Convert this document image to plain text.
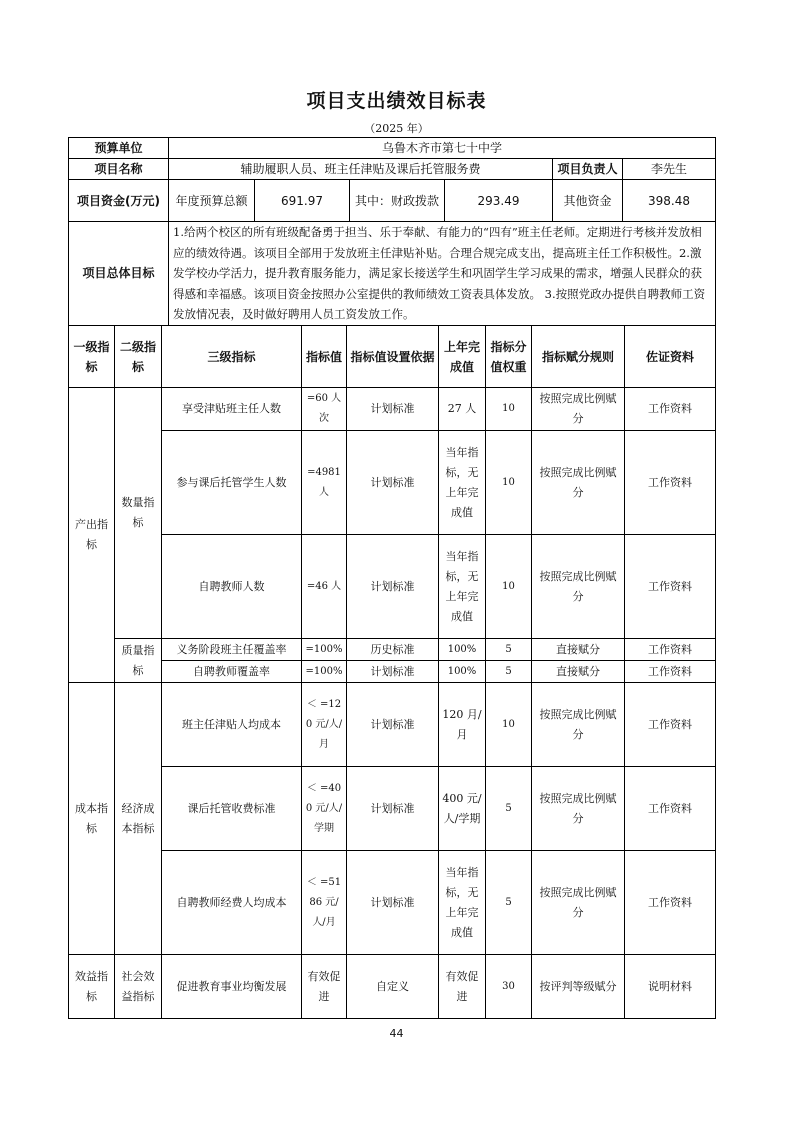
项目支出绩效目标表
（2025 年）
预算单位	乌鲁木齐市第七十中学					
项目名称	辅助履职人员、班主任津贴及课后托管服务费				项目负责人	李先生
项目资金(万元)	年度预算总额	691.97	其中：财政拨款	293.49	其他资金	398.48
项目总体目标	1.给两个校区的所有班级配备勇于担当、乐于奉献、有能力的“四有”班主任老师。定期进行考核并发放相应的绩效待遇。该项目全部用于发放班主任津贴补贴。合理合规完成支出，提高班主任工作积极性。2.激发学校办学活力，提升教育服务能力，满足家长接送学生和巩固学生学习成果的需求，增强人民群众的获得感和幸福感。该项目资金按照办公室提供的教师绩效工资表具体发放。 3.按照党政办提供自聘教师工资发放情况表，及时做好聘用人员工资发放工作。					
一级指标	二级指标	三级指标	指标值	指标值设置依据	上年完成值	指标分值权重	指标赋分规则	佐证资料
产出指标	数量指标	享受津贴班主任人数	=60 人次	计划标准	27 人	10	按照完成比例赋分	工作资料
		参与课后托管学生人数	=4981 人	计划标准	当年指标，无上年完成值	10	按照完成比例赋分	工作资料
		自聘教师人数	=46 人	计划标准	当年指标，无上年完成值	10	按照完成比例赋分	工作资料
	质量指标	义务阶段班主任覆盖率	=100%	历史标准	100%	5	直接赋分	工作资料
		自聘教师覆盖率	=100%	计划标准	100%	5	直接赋分	工作资料
成本指标	经济成本指标	班主任津贴人均成本	＜ =120 元/人/月	计划标准	120 月/月	10	按照完成比例赋分	工作资料
		课后托管收费标准	＜ =400 元/人/学期	计划标准	400 元/人/学期	5	按照完成比例赋分	工作资料
		自聘教师经费人均成本	＜ =5186 元/人/月	计划标准	当年指标，无上年完成值	5	按照完成比例赋分	工作资料
效益指标	社会效益指标	促进教育事业均衡发展	有效促进	自定义	有效促进	30	按评判等级赋分	说明材料
44
